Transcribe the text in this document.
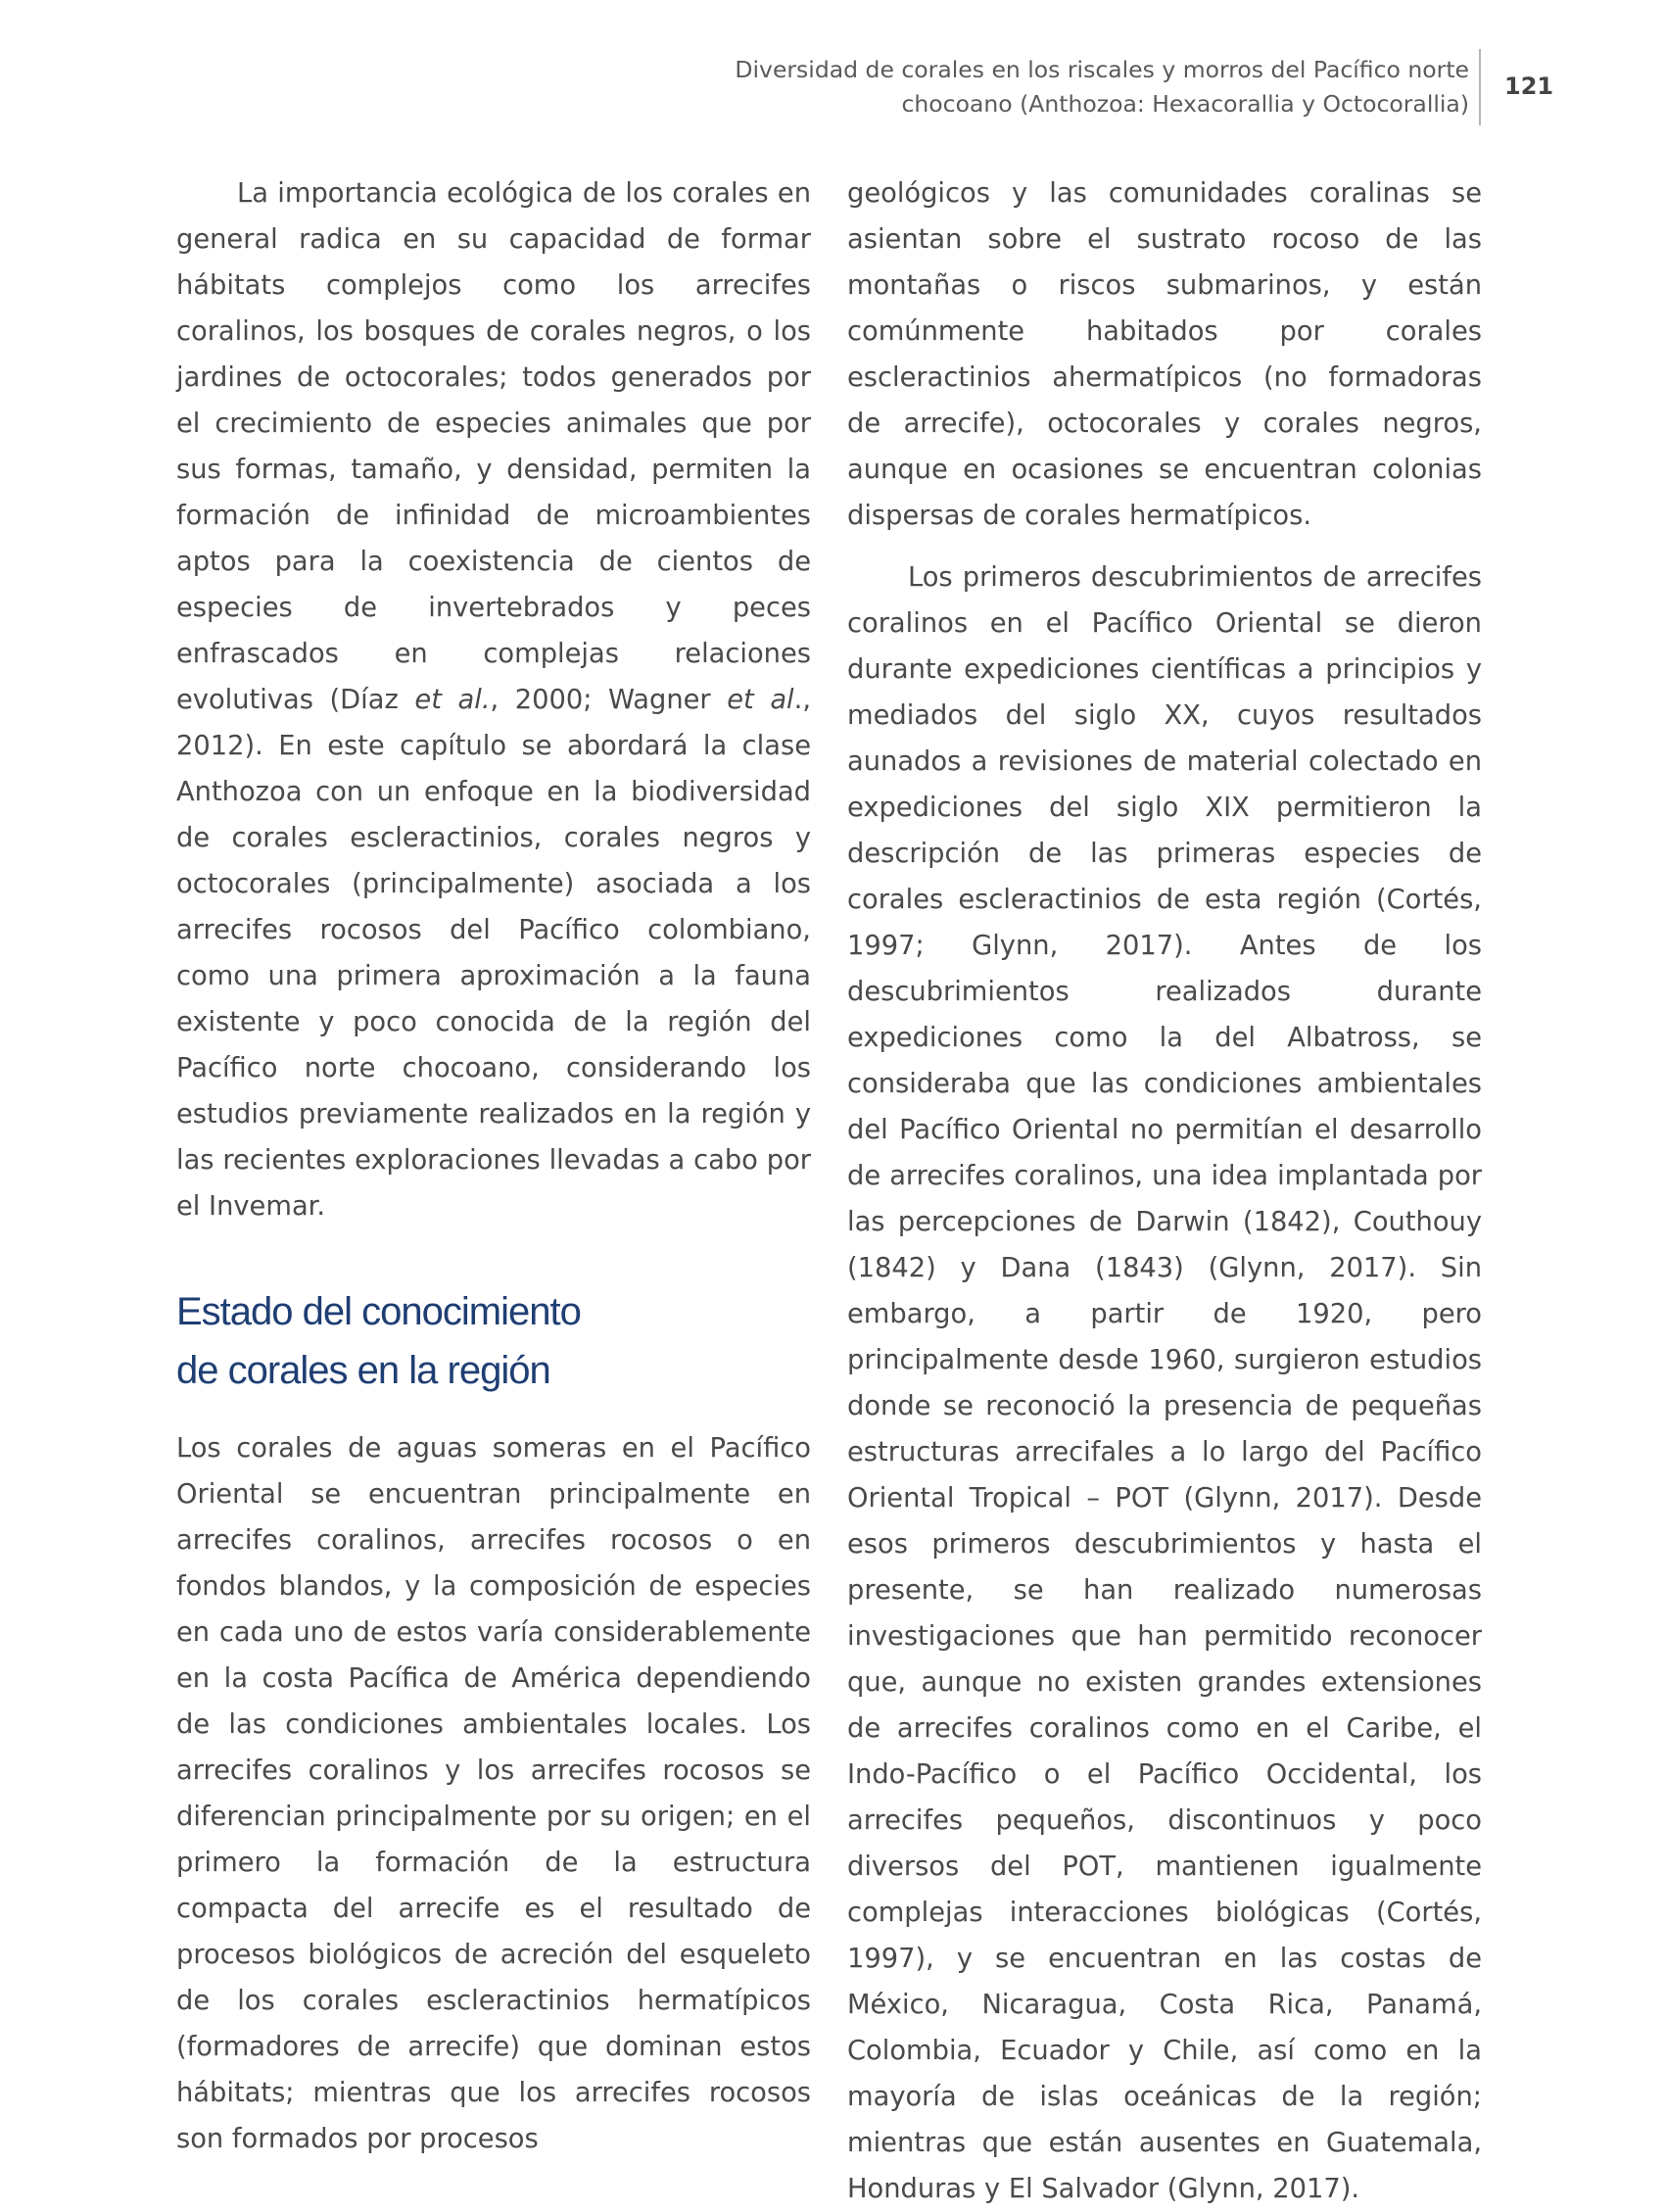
Diversidad de corales en los riscales y morros del Pacífico norte
chocoano (Anthozoa: Hexacorallia y Octocorallia)
121

La importancia ecológica de los corales en general radica en su capacidad de formar hábitats complejos como los arrecifes coralinos, los bosques de corales negros, o los jardines de octocorales; todos generados por el crecimiento de especies animales que por sus formas, tamaño, y densidad, permiten la formación de infinidad de microambientes aptos para la coexistencia de cientos de especies de invertebrados y peces enfrascados en complejas relaciones evolutivas (Díaz et al., 2000; Wagner et al., 2012). En este capítulo se abordará la clase Anthozoa con un enfoque en la biodiversidad de corales escleractinios, corales negros y octocorales (principalmente) asociada a los arrecifes rocosos del Pacífico colombiano, como una primera aproximación a la fauna existente y poco conocida de la región del Pacífico norte chocoano, considerando los estudios previamente realizados en la región y las recientes exploraciones llevadas a cabo por el Invemar.

Estado del conocimiento
de corales en la región

Los corales de aguas someras en el Pacífico Oriental se encuentran principalmente en arrecifes coralinos, arrecifes rocosos o en fondos blandos, y la composición de especies en cada uno de estos varía considerablemente en la costa Pacífica de América dependiendo de las condiciones ambientales locales. Los arrecifes coralinos y los arrecifes rocosos se diferencian principalmente por su origen; en el primero la formación de la estructura compacta del arrecife es el resultado de procesos biológicos de acreción del esqueleto de los corales escleractinios hermatípicos (formadores de arrecife) que dominan estos hábitats; mientras que los arrecifes rocosos son formados por procesos

geológicos y las comunidades coralinas se asientan sobre el sustrato rocoso de las montañas o riscos submarinos, y están comúnmente habitados por corales escleractinios ahermatípicos (no formadoras de arrecife), octocorales y corales negros, aunque en ocasiones se encuentran colonias dispersas de corales hermatípicos.

Los primeros descubrimientos de arrecifes coralinos en el Pacífico Oriental se dieron durante expediciones científicas a principios y mediados del siglo XX, cuyos resultados aunados a revisiones de material colectado en expediciones del siglo XIX permitieron la descripción de las primeras especies de corales escleractinios de esta región (Cortés, 1997; Glynn, 2017). Antes de los descubrimientos realizados durante expediciones como la del Albatross, se consideraba que las condiciones ambientales del Pacífico Oriental no permitían el desarrollo de arrecifes coralinos, una idea implantada por las percepciones de Darwin (1842), Couthouy (1842) y Dana (1843) (Glynn, 2017). Sin embargo, a partir de 1920, pero principalmente desde 1960, surgieron estudios donde se reconoció la presencia de pequeñas estructuras arrecifales a lo largo del Pacífico Oriental Tropical – POT (Glynn, 2017). Desde esos primeros descubrimientos y hasta el presente, se han realizado numerosas investigaciones que han permitido reconocer que, aunque no existen grandes extensiones de arrecifes coralinos como en el Caribe, el Indo-Pacífico o el Pacífico Occidental, los arrecifes pequeños, discontinuos y poco diversos del POT, mantienen igualmente complejas interacciones biológicas (Cortés, 1997), y se encuentran en las costas de México, Nicaragua, Costa Rica, Panamá, Colombia, Ecuador y Chile, así como en la mayoría de islas oceánicas de la región; mientras que están ausentes en Guatemala, Honduras y El Salvador (Glynn, 2017).
